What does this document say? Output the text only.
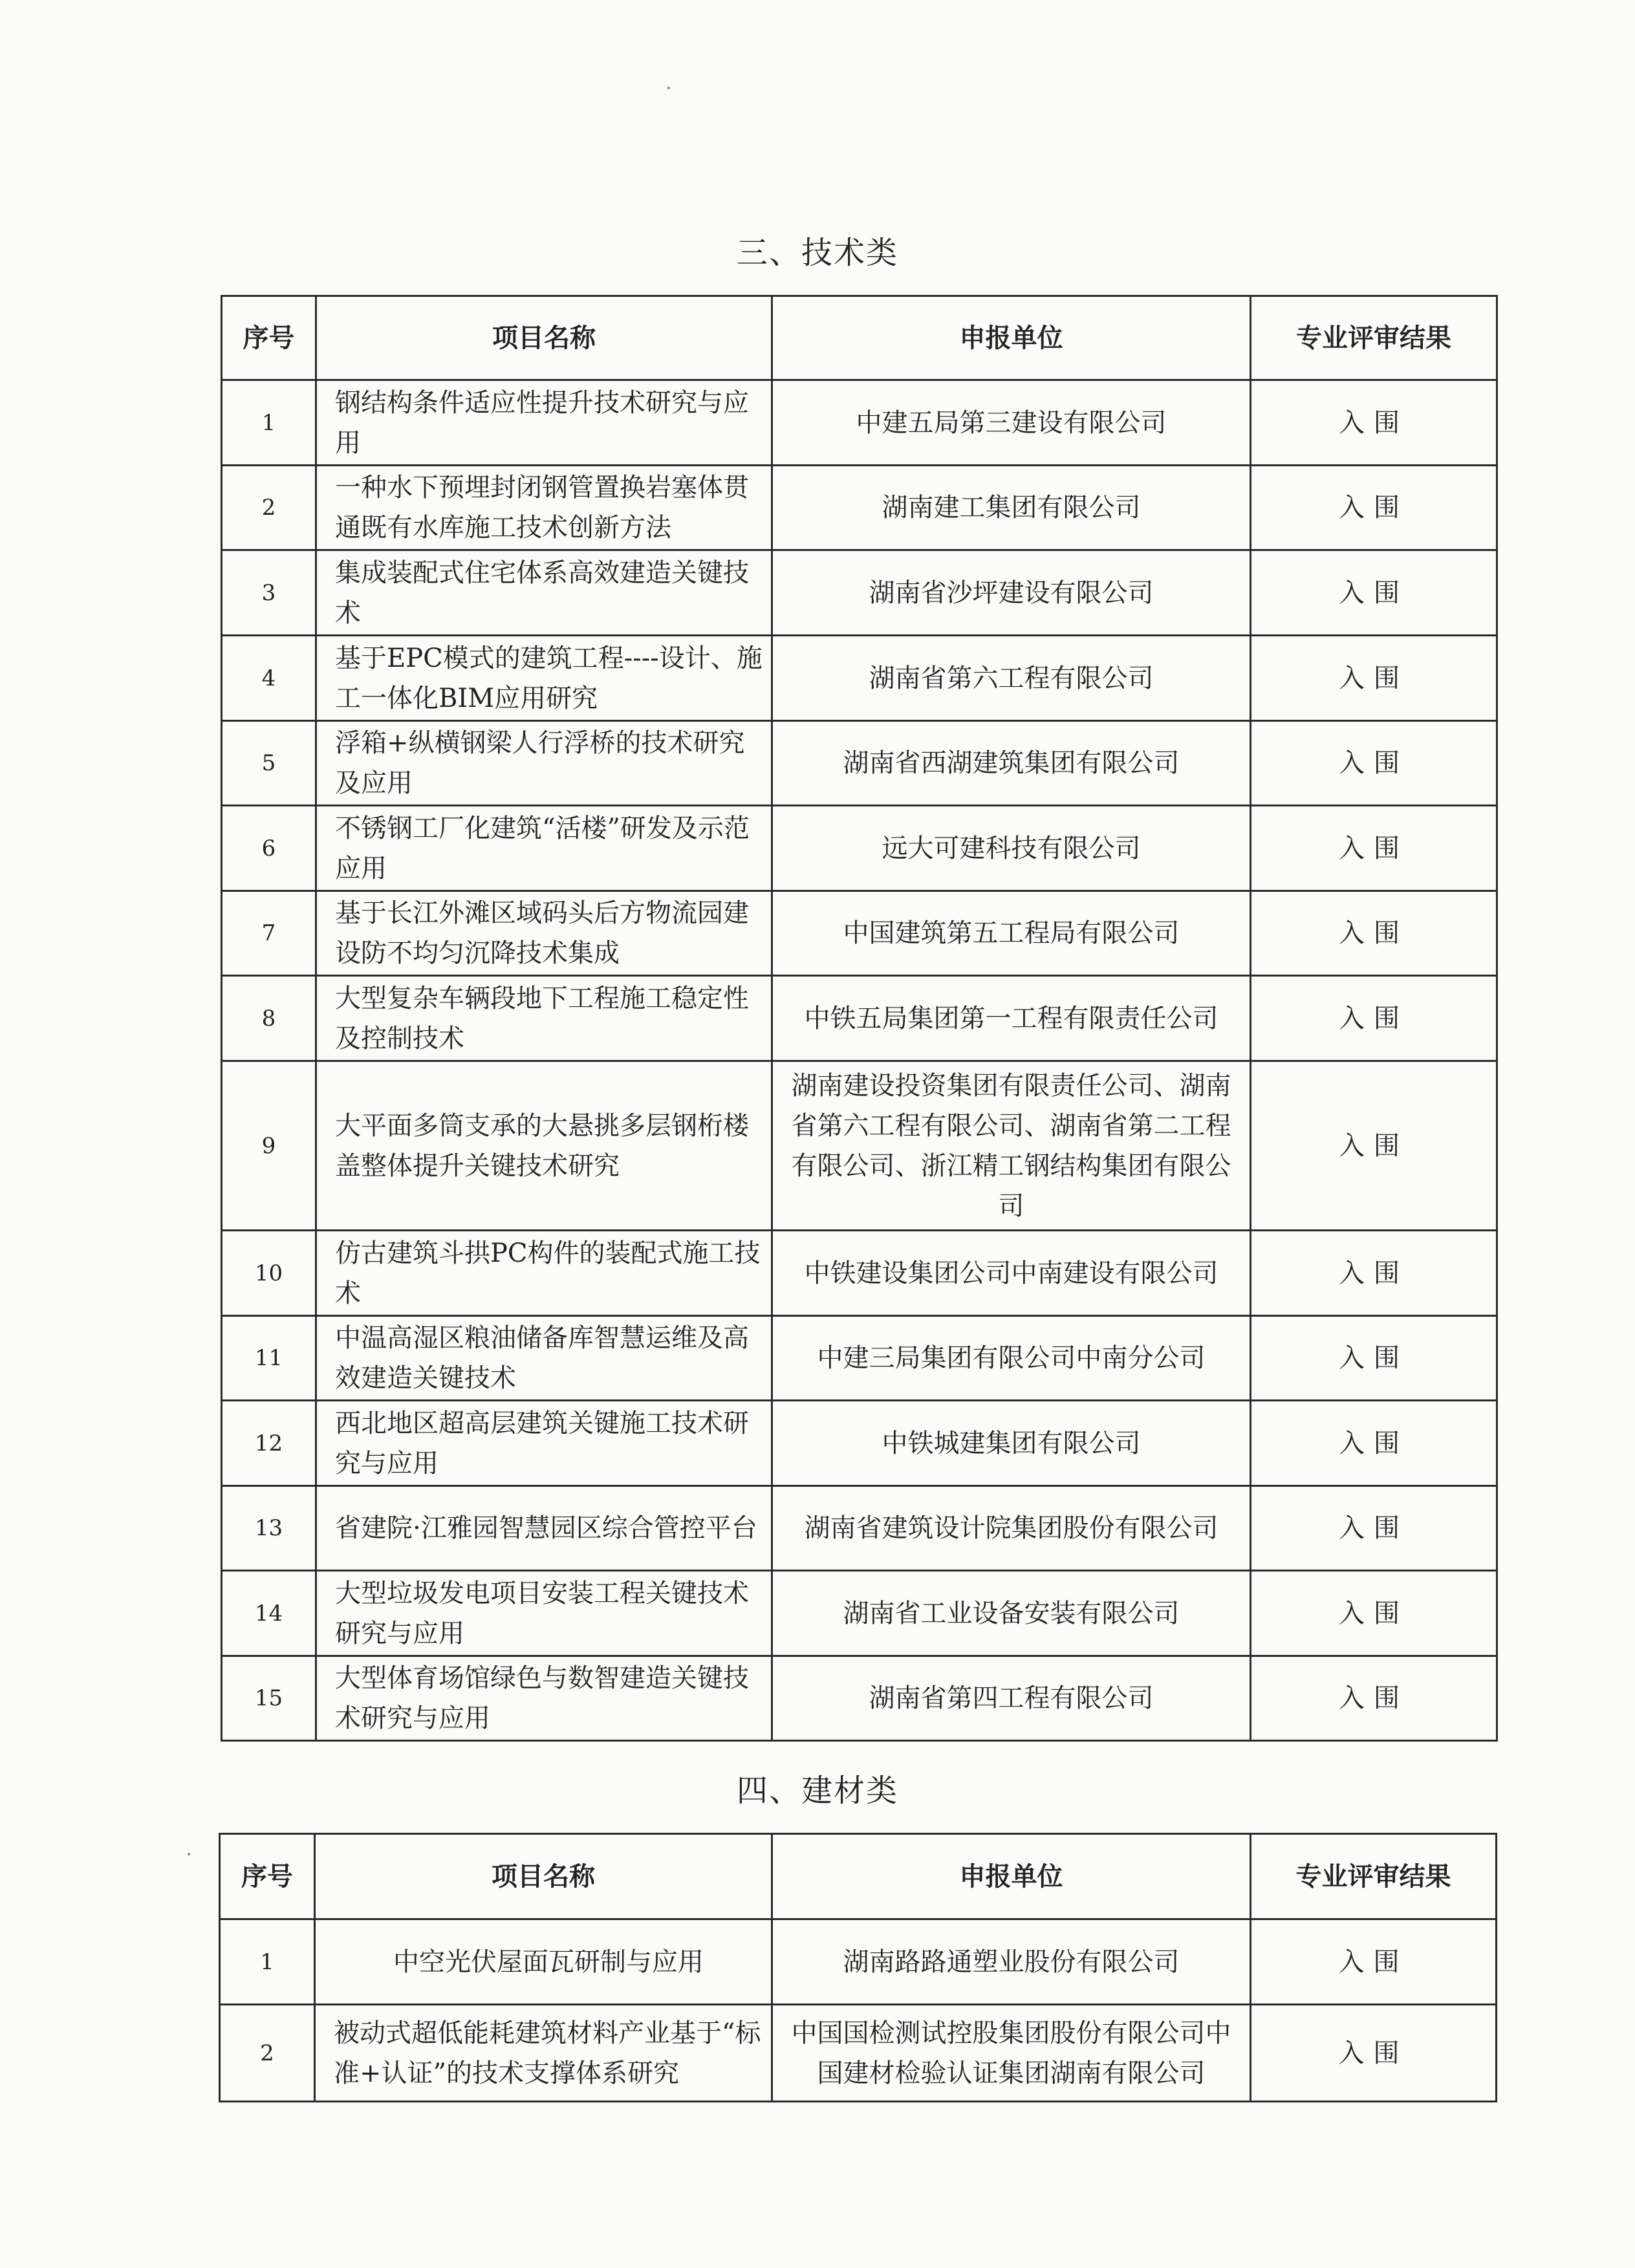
三、技术类
序号	项目名称	申报单位	专业评审结果
1	钢结构条件适应性提升技术研究与应用	中建五局第三建设有限公司	入围
2	一种水下预埋封闭钢管置换岩塞体贯通既有水库施工技术创新方法	湖南建工集团有限公司	入围
3	集成装配式住宅体系高效建造关键技术	湖南省沙坪建设有限公司	入围
4	基于EPC模式的建筑工程----设计、施工一体化BIM应用研究	湖南省第六工程有限公司	入围
5	浮箱+纵横钢梁人行浮桥的技术研究及应用	湖南省西湖建筑集团有限公司	入围
6	不锈钢工厂化建筑“活楼”研发及示范应用	远大可建科技有限公司	入围
7	基于长江外滩区域码头后方物流园建设防不均匀沉降技术集成	中国建筑第五工程局有限公司	入围
8	大型复杂车辆段地下工程施工稳定性及控制技术	中铁五局集团第一工程有限责任公司	入围
9	大平面多筒支承的大悬挑多层钢桁楼盖整体提升关键技术研究	湖南建设投资集团有限责任公司、湖南省第六工程有限公司、湖南省第二工程有限公司、浙江精工钢结构集团有限公司	入围
10	仿古建筑斗拱PC构件的装配式施工技术	中铁建设集团公司中南建设有限公司	入围
11	中温高湿区粮油储备库智慧运维及高效建造关键技术	中建三局集团有限公司中南分公司	入围
12	西北地区超高层建筑关键施工技术研究与应用	中铁城建集团有限公司	入围
13	省建院·江雅园智慧园区综合管控平台	湖南省建筑设计院集团股份有限公司	入围
14	大型垃圾发电项目安装工程关键技术研究与应用	湖南省工业设备安装有限公司	入围
15	大型体育场馆绿色与数智建造关键技术研究与应用	湖南省第四工程有限公司	入围
四、建材类
序号	项目名称	申报单位	专业评审结果
1	中空光伏屋面瓦研制与应用	湖南路路通塑业股份有限公司	入围
2	被动式超低能耗建筑材料产业基于“标准+认证”的技术支撑体系研究	中国国检测试控股集团股份有限公司中国建材检验认证集团湖南有限公司	入围
